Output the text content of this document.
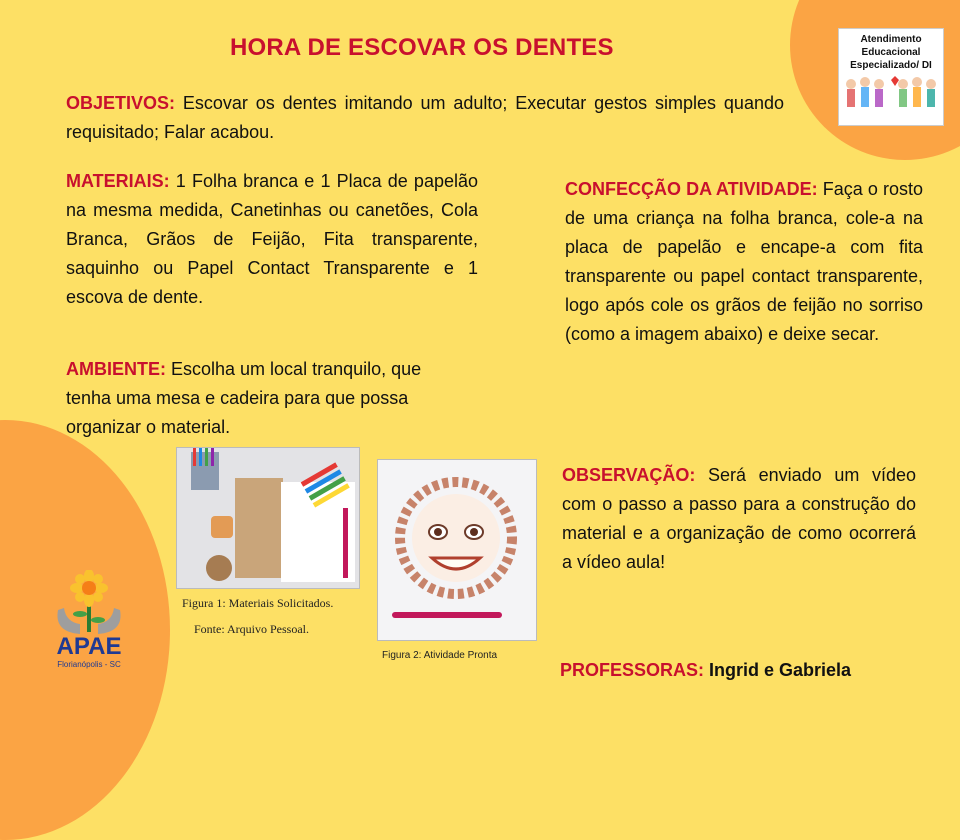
HORA DE ESCOVAR OS DENTES	Atendimento
Educacional
Especializado/ DI
OBJETIVOS: Escovar os dentes imitando um adulto; Executar gestos simples quando requisitado; Falar acabou.
MATERIAIS: 1 Folha branca e 1 Placa de papelão na mesma medida, Canetinhas ou canetões, Cola Branca, Grãos de Feijão, Fita transparente, saquinho ou Papel Contact Transparente e 1 escova de dente.
AMBIENTE: Escolha um local tranquilo, que tenha uma mesa e cadeira para que possa organizar o material.
CONFECÇÃO DA ATIVIDADE: Faça o rosto de uma criança na folha branca, cole-a na placa de papelão e encape-a com fita transparente ou papel contact transparente, logo após cole os grãos de feijão no sorriso (como a imagem abaixo) e deixe secar.
OBSERVAÇÃO: Será enviado um vídeo com o passo a passo para a construção do material e a organização de como ocorrerá a vídeo aula!
Figura 1: Materiais Solicitados.
Fonte: Arquivo Pessoal.
Figura 2: Atividade Pronta
PROFESSORAS: Ingrid e Gabriela
APAE
Florianópolis - SC
